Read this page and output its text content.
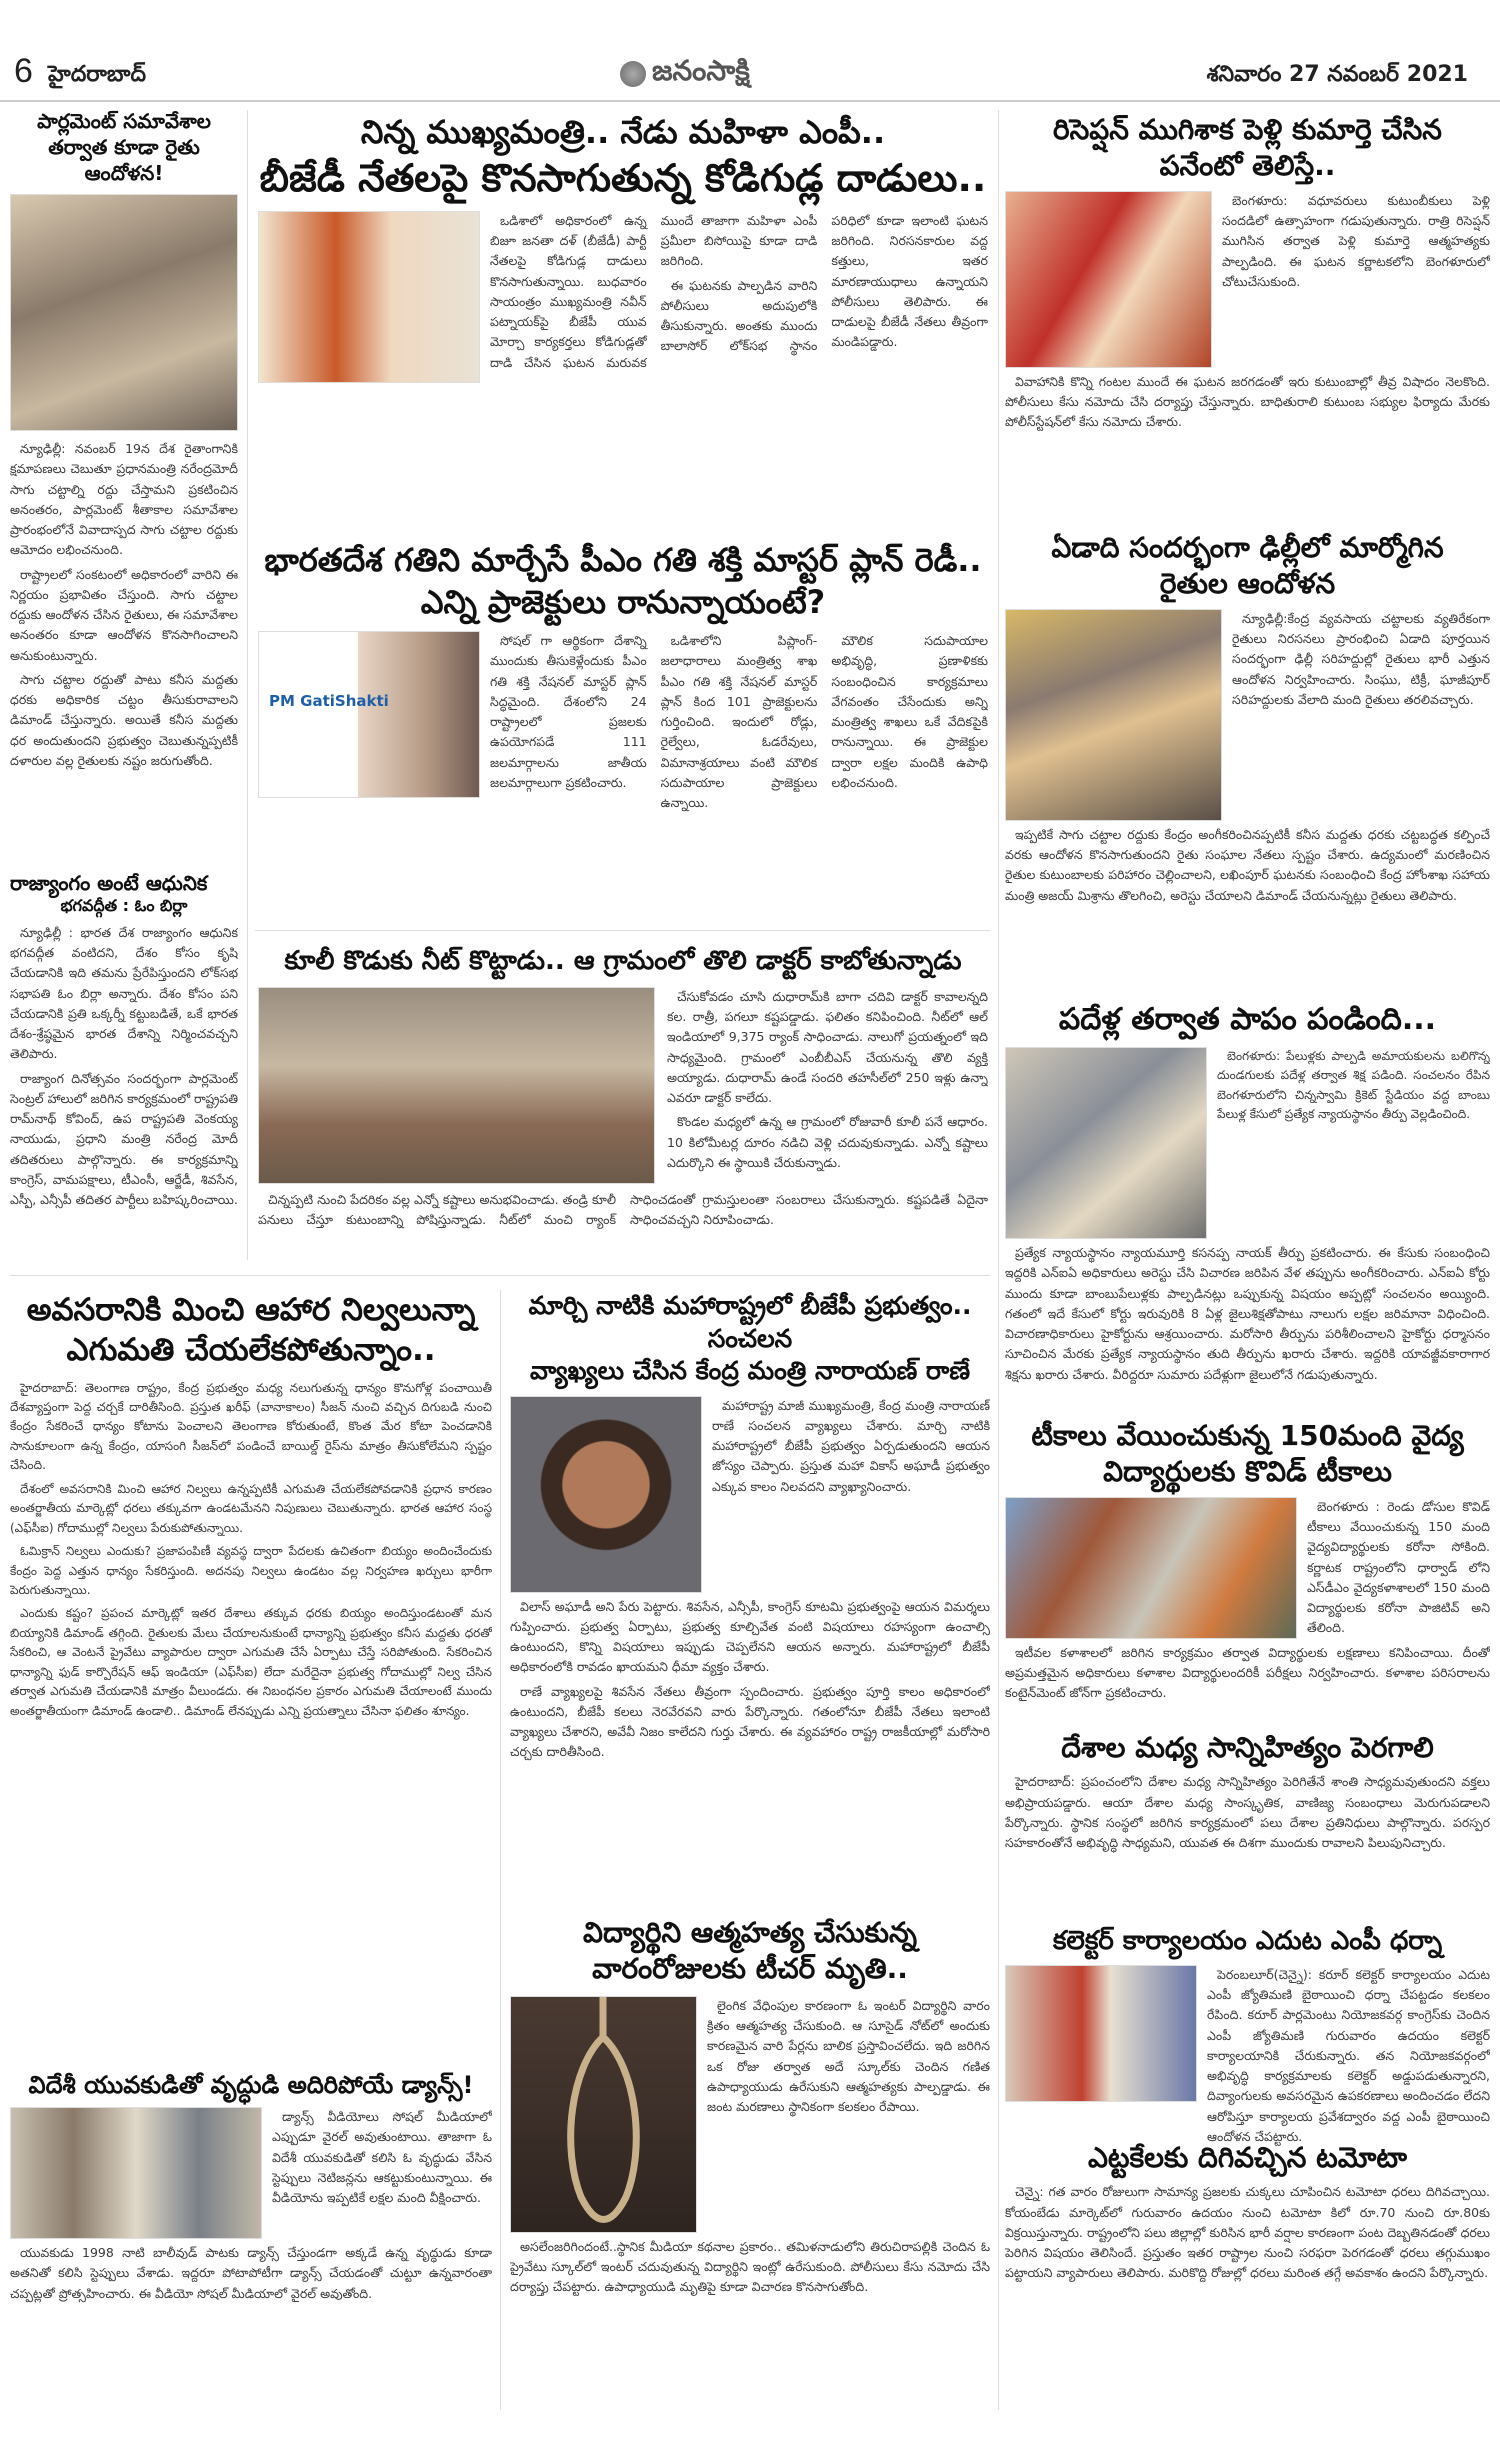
6 హైదరాబాద్	జనంసాక్షి	శనివారం 27 నవంబర్ 2021
పార్లమెంట్ సమావేశాల తర్వాత కూడా రైతు ఆందోళన!

న్యూఢిల్లీ: నవంబర్ 19న దేశ రైతాంగానికి క్షమాపణలు చెబుతూ ప్రధానమంత్రి నరేంద్రమోదీ సాగు చట్టాల్ని రద్దు చేస్తామని ప్రకటించిన అనంతరం, పార్లమెంట్ శీతాకాల సమావేశాల ప్రారంభంలోనే వివాదాస్పద సాగు చట్టాల రద్దుకు ఆమోదం లభించనుంది.

రాష్ట్రాలలో సంకటంలో అధికారంలో వారిని ఈ నిర్ణయం ప్రభావితం చేస్తుంది. సాగు చట్టాల రద్దుకు ఆందోళన చేసిన రైతులు, ఈ సమావేశాల అనంతరం కూడా ఆందోళన కొనసాగించాలని అనుకుంటున్నారు.

సాగు చట్టాల రద్దుతో పాటు కనీస మద్దతు ధరకు అధికారిక చట్టం తీసుకురావాలని డిమాండ్ చేస్తున్నారు. అయితే కనీస మద్దతు ధర అందుతుందని ప్రభుత్వం చెబుతున్నప్పటికీ దళారుల వల్ల రైతులకు నష్టం జరుగుతోంది.

రాజ్యాంగం అంటే ఆధునిక
భగవద్గీత : ఓం బిర్లా

న్యూఢిల్లీ : భారత దేశ రాజ్యాంగం ఆధునిక భగవద్గీత వంటిదని, దేశం కోసం కృషి చేయడానికి ఇది తమను ప్రేరేపిస్తుందని లోక్‌సభ సభాపతి ఓం బిర్లా అన్నారు. దేశం కోసం పని చేయడానికి ప్రతి ఒక్కర్నీ కట్టుబడితే, ఒకే భారత దేశం-శ్రేష్ఠమైన భారత దేశాన్ని నిర్మించవచ్చని తెలిపారు.

రాజ్యాంగ దినోత్సవం సందర్భంగా పార్లమెంట్ సెంట్రల్ హాలులో జరిగిన కార్యక్రమంలో రాష్ట్రపతి రామ్‌నాథ్ కోవింద్, ఉప రాష్ట్రపతి వెంకయ్య నాయుడు, ప్రధాని మంత్రి నరేంద్ర మోదీ తదితరులు పాల్గొన్నారు. ఈ కార్యక్రమాన్ని కాంగ్రెస్, వామపక్షాలు, టీఎంసీ, ఆర్జేడీ, శివసేన, ఎస్పీ, ఎన్సీపీ తదితర పార్టీలు బహిష్కరించాయి.

నిన్న ముఖ్యమంత్రి.. నేడు మహిళా ఎంపీ..
బీజేడీ నేతలపై కొనసాగుతున్న కోడిగుడ్ల దాడులు..

ఒడిశాలో అధికారంలో ఉన్న బిజూ జనతా దళ్ (బీజేడీ) పార్టీ నేతలపై కోడిగుడ్ల దాడులు కొనసాగుతున్నాయి. బుధవారం సాయంత్రం ముఖ్యమంత్రి నవీన్ పట్నాయక్‌పై బీజేపీ యువ మోర్చా కార్యకర్తలు కోడిగుడ్లతో దాడి చేసిన ఘటన మరువక ముందే తాజాగా మహిళా ఎంపీ ప్రమీలా బిసోయిపై కూడా దాడి జరిగింది.

ఈ ఘటనకు పాల్పడిన వారిని పోలీసులు అదుపులోకి తీసుకున్నారు. అంతకు ముందు బాలాసోర్ లోక్‌సభ స్థానం పరిధిలో కూడా ఇలాంటి ఘటన జరిగింది. నిరసనకారుల వద్ద కత్తులు, ఇతర మారణాయుధాలు ఉన్నాయని పోలీసులు తెలిపారు. ఈ దాడులపై బీజేడీ నేతలు తీవ్రంగా మండిపడ్డారు.

భారతదేశ గతిని మార్చేసే పీఎం గతి శక్తి మాస్టర్ ప్లాన్ రెడీ..
ఎన్ని ప్రాజెక్టులు రానున్నాయంటే?
PM GatiShakti

సోషల్ గా ఆర్థికంగా దేశాన్ని ముందుకు తీసుకెళ్లేందుకు పీఎం గతి శక్తి నేషనల్ మాస్టర్ ప్లాన్ సిద్ధమైంది. దేశంలోని 24 రాష్ట్రాలలో ప్రజలకు ఉపయోగపడే 111 జలమార్గాలను జాతీయ జలమార్గాలుగా ప్రకటించారు.

ఒడిశాలోని పిప్లాంగ్-జలాధారాలు మంత్రిత్వ శాఖ పీఎం గతి శక్తి నేషనల్ మాస్టర్ ప్లాన్ కింద 101 ప్రాజెక్టులను గుర్తించింది. ఇందులో రోడ్లు, రైల్వేలు, ఓడరేవులు, విమానాశ్రయాలు వంటి మౌలిక సదుపాయాల ప్రాజెక్టులు ఉన్నాయి.

మౌలిక సదుపాయాల అభివృద్ధి, ప్రణాళికకు సంబంధించిన కార్యక్రమాలు వేగవంతం చేసేందుకు అన్ని మంత్రిత్వ శాఖలు ఒకే వేదికపైకి రానున్నాయి. ఈ ప్రాజెక్టుల ద్వారా లక్షల మందికి ఉపాధి లభించనుంది.

కూలీ కొడుకు నీట్ కొట్టాడు.. ఆ గ్రామంలో తొలి డాక్టర్ కాబోతున్నాడు

చేసుకోవడం చూసి దుధారామ్‌కి బాగా చదివి డాక్టర్ కావాలన్నది కల. రాత్రీ, పగలూ కష్టపడ్డాడు. ఫలితం కనిపించింది. నీట్‌లో ఆల్ ఇండియాలో 9,375 ర్యాంక్ సాధించాడు. నాలుగో ప్రయత్నంలో ఇది సాధ్యమైంది. గ్రామంలో ఎంబీబీఎస్ చేయనున్న తొలి వ్యక్తి అయ్యాడు. దుధారామ్ ఉండే సందరి తహసీల్‌లో 250 ఇళ్లు ఉన్నా ఎవరూ డాక్టర్ కాలేదు.

కొండల మధ్యలో ఉన్న ఆ గ్రామంలో రోజువారీ కూలీ పనే ఆధారం. 10 కిలోమీటర్ల దూరం నడిచి వెళ్లి చదువుకున్నాడు. ఎన్నో కష్టాలు ఎదుర్కొని ఈ స్థాయికి చేరుకున్నాడు.

చిన్నప్పటి నుంచి పేదరికం వల్ల ఎన్నో కష్టాలు అనుభవించాడు. తండ్రి కూలీ పనులు చేస్తూ కుటుంబాన్ని పోషిస్తున్నాడు. నీట్‌లో మంచి ర్యాంక్ సాధించడంతో గ్రామస్తులంతా సంబరాలు చేసుకున్నారు. కష్టపడితే ఏదైనా సాధించవచ్చని నిరూపించాడు.

రిసెప్షన్ ముగిశాక పెళ్లి కుమార్తె చేసిన
పనేంటో తెలిస్తే..

బెంగళూరు: వధూవరులు కుటుంబీకులు పెళ్లి సందడిలో ఉత్సాహంగా గడుపుతున్నారు. రాత్రి రిసెప్షన్ ముగిసిన తర్వాత పెళ్లి కుమార్తె ఆత్మహత్యకు పాల్పడింది. ఈ ఘటన కర్ణాటకలోని బెంగళూరులో చోటుచేసుకుంది.

వివాహానికి కొన్ని గంటల ముందే ఈ ఘటన జరగడంతో ఇరు కుటుంబాల్లో తీవ్ర విషాదం నెలకొంది. పోలీసులు కేసు నమోదు చేసి దర్యాప్తు చేస్తున్నారు. బాధితురాలి కుటుంబ సభ్యుల ఫిర్యాదు మేరకు పోలీస్‌స్టేషన్‌లో కేసు నమోదు చేశారు.

ఏడాది సందర్భంగా ఢిల్లీలో మార్మోగిన
రైతుల ఆందోళన

న్యూఢిల్లీ:కేంద్ర వ్యవసాయ చట్టాలకు వ్యతిరేకంగా రైతులు నిరసనలు ప్రారంభించి ఏడాది పూర్తయిన సందర్భంగా ఢిల్లీ సరిహద్దుల్లో రైతులు భారీ ఎత్తున ఆందోళన నిర్వహించారు. సింఘు, టిక్రీ, ఘాజీపూర్ సరిహద్దులకు వేలాది మంది రైతులు తరలివచ్చారు.

ఇప్పటికే సాగు చట్టాల రద్దుకు కేంద్రం అంగీకరించినప్పటికీ కనీస మద్దతు ధరకు చట్టబద్ధత కల్పించే వరకు ఆందోళన కొనసాగుతుందని రైతు సంఘాల నేతలు స్పష్టం చేశారు. ఉద్యమంలో మరణించిన రైతుల కుటుంబాలకు పరిహారం చెల్లించాలని, లఖింపూర్ ఘటనకు సంబంధించి కేంద్ర హోంశాఖ సహాయ మంత్రి అజయ్ మిశ్రాను తొలగించి, అరెస్టు చేయాలని డిమాండ్ చేయనున్నట్లు రైతులు తెలిపారు.

పదేళ్ల తర్వాత పాపం పండింది...

బెంగళూరు: పేలుళ్లకు పాల్పడి అమాయకులను బలిగొన్న దుండగులకు పదేళ్ల తర్వాత శిక్ష పడింది. సంచలనం రేపిన బెంగళూరులోని చిన్నస్వామి క్రికెట్ స్టేడియం వద్ద బాంబు పేలుళ్ల కేసులో ప్రత్యేక న్యాయస్థానం తీర్పు వెల్లడించింది.

ప్రత్యేక న్యాయస్థానం న్యాయమూర్తి కసనప్ప నాయక్ తీర్పు ప్రకటించారు. ఈ కేసుకు సంబంధించి ఇద్దరికి ఎన్ఐఏ అధికారులు అరెస్టు చేసి విచారణ జరిపిన వేళ తప్పును అంగీకరించారు. ఎన్ఐఏ కోర్టు ముందు కూడా బాంబుపేలుళ్లకు పాల్పడినట్లు ఒప్పుకున్న విషయం అప్పట్లో సంచలనం అయ్యింది. గతంలో ఇదే కేసులో కోర్టు ఇరువురికి 8 ఏళ్ల జైలుశిక్షతోపాటు నాలుగు లక్షల జరిమానా విధించింది. విచారణాధికారులు హైకోర్టును ఆశ్రయించారు. మరోసారి తీర్పును పరిశీలించాలని హైకోర్టు ధర్మాసనం సూచించిన మేరకు ప్రత్యేక న్యాయస్థానం తుది తీర్పును ఖరారు చేశారు. ఇద్దరికి యావజ్జీవకారాగార శిక్షను ఖరారు చేశారు. వీరిద్దరూ సుమారు పదేళ్లుగా జైలులోనే గడుపుతున్నారు.

టీకాలు వేయించుకున్న 150మంది వైద్య
విద్యార్థులకు కొవిడ్ టీకాలు

బెంగళూరు : రెండు డోసుల కొవిడ్ టీకాలు వేయించుకున్న 150 మంది వైద్యవిద్యార్థులకు కరోనా సోకింది. కర్ణాటక రాష్ట్రంలోని ధార్వాడ్ లోని ఎస్‌డీఎం వైద్యకళాశాలలో 150 మంది విద్యార్థులకు కరోనా పాజిటివ్ అని తేలింది.

ఇటీవల కళాశాలలో జరిగిన కార్యక్రమం తర్వాత విద్యార్థులకు లక్షణాలు కనిపించాయి. దీంతో అప్రమత్తమైన అధికారులు కళాశాల విద్యార్థులందరికీ పరీక్షలు నిర్వహించారు. కళాశాల పరిసరాలను కంటైన్‌మెంట్ జోన్‌గా ప్రకటించారు.

దేశాల మధ్య సాన్నిహిత్యం పెరగాలి

హైదరాబాద్: ప్రపంచంలోని దేశాల మధ్య సాన్నిహిత్యం పెరిగితేనే శాంతి సాధ్యమవుతుందని వక్తలు అభిప్రాయపడ్డారు. ఆయా దేశాల మధ్య సాంస్కృతిక, వాణిజ్య సంబంధాలు మెరుగుపడాలని పేర్కొన్నారు. స్థానిక సంస్థలో జరిగిన కార్యక్రమంలో పలు దేశాల ప్రతినిధులు పాల్గొన్నారు. పరస్పర సహకారంతోనే అభివృద్ధి సాధ్యమని, యువత ఈ దిశగా ముందుకు రావాలని పిలుపునిచ్చారు.

కలెక్టర్ కార్యాలయం ఎదుట ఎంపీ ధర్నా

పెరంబలూర్(చెన్నై): కరూర్ కలెక్టర్ కార్యాలయం ఎదుట ఎంపీ జ్యోతిమణి బైఠాయించి ధర్నా చేపట్టడం కలకలం రేపింది. కరూర్ పార్లమెంటు నియోజకవర్గ కాంగ్రెస్‌కు చెందిన ఎంపీ జ్యోతిమణి గురువారం ఉదయం కలెక్టర్ కార్యాలయానికి చేరుకున్నారు. తన నియోజకవర్గంలో అభివృద్ధి కార్యక్రమాలకు కలెక్టర్ అడ్డుపడుతున్నారని, దివ్యాంగులకు అవసరమైన ఉపకరణాలు అందించడం లేదని ఆరోపిస్తూ కార్యాలయ ప్రవేశద్వారం వద్ద ఎంపీ బైఠాయించి ఆందోళన చేపట్టారు.

ఎట్టకేలకు దిగివచ్చిన టమోటా

చెన్నై: గత వారం రోజులుగా సామాన్య ప్రజలకు చుక్కలు చూపించిన టమోటా ధరలు దిగివచ్చాయి. కోయంబేడు మార్కెట్‌లో గురువారం ఉదయం నుంచి టమోటా కిలో రూ.70 నుంచి రూ.80కు విక్రయిస్తున్నారు. రాష్ట్రంలోని పలు జిల్లాల్లో కురిసిన భారీ వర్షాల కారణంగా పంట దెబ్బతినడంతో ధరలు పెరిగిన విషయం తెలిసిందే. ప్రస్తుతం ఇతర రాష్ట్రాల నుంచి సరఫరా పెరగడంతో ధరలు తగ్గుముఖం పట్టాయని వ్యాపారులు తెలిపారు. మరికొద్ది రోజుల్లో ధరలు మరింత తగ్గే అవకాశం ఉందని పేర్కొన్నారు.

అవసరానికి మించి ఆహార నిల్వలున్నా
ఎగుమతి చేయలేకపోతున్నాం..

హైదరాబాద్: తెలంగాణ రాష్ట్రం, కేంద్ర ప్రభుత్వం మధ్య నలుగుతున్న ధాన్యం కొనుగోళ్ల పంచాయితీ దేశవ్యాప్తంగా పెద్ద చర్చకే దారితీసింది. ప్రస్తుత ఖరీఫ్ (వానాకాలం) సీజన్ నుంచి వచ్చిన దిగుబడి నుంచి కేంద్రం సేకరించే ధాన్యం కోటాను పెంచాలని తెలంగాణ కోరుతుంటే, కొంత మేర కోటా పెంచడానికి సానుకూలంగా ఉన్న కేంద్రం, యాసంగి సీజన్‌లో పండించే బాయిల్డ్ రైస్‌ను మాత్రం తీసుకోలేమని స్పష్టం చేసింది.

దేశంలో అవసరానికి మించి ఆహార నిల్వలు ఉన్నప్పటికీ ఎగుమతి చేయలేకపోవడానికి ప్రధాన కారణం అంతర్జాతీయ మార్కెట్లో ధరలు తక్కువగా ఉండటమేనని నిపుణులు చెబుతున్నారు. భారత ఆహార సంస్థ (ఎఫ్‌సీఐ) గోదాముల్లో నిల్వలు పేరుకుపోతున్నాయి.

ఓమిక్రాన్ నిల్వలు ఎందుకు? ప్రజాపంపిణీ వ్యవస్థ ద్వారా పేదలకు ఉచితంగా బియ్యం అందించేందుకు కేంద్రం పెద్ద ఎత్తున ధాన్యం సేకరిస్తుంది. అదనపు నిల్వలు ఉండటం వల్ల నిర్వహణ ఖర్చులు భారీగా పెరుగుతున్నాయి.

ఎందుకు కష్టం? ప్రపంచ మార్కెట్లో ఇతర దేశాలు తక్కువ ధరకు బియ్యం అందిస్తుండటంతో మన బియ్యానికి డిమాండ్ తగ్గింది. రైతులకు మేలు చేయాలనుకుంటే ధాన్యాన్ని ప్రభుత్వం కనీస మద్దతు ధరతో సేకరించి, ఆ వెంటనే ప్రైవేటు వ్యాపారుల ద్వారా ఎగుమతి చేసే ఏర్పాటు చేస్తే సరిపోతుంది. సేకరించిన ధాన్యాన్ని ఫుడ్ కార్పొరేషన్ ఆఫ్ ఇండియా (ఎఫ్‌సీఐ) లేదా మరేదైనా ప్రభుత్వ గోదాముల్లో నిల్వ చేసిన తర్వాత ఎగుమతి చేయడానికి మాత్రం వీలుండదు. ఈ నిబంధనల ప్రకారం ఎగుమతి చేయాలంటే ముందు అంతర్జాతీయంగా డిమాండ్ ఉండాలి.. డిమాండ్ లేనప్పుడు ఎన్ని ప్రయత్నాలు చేసినా ఫలితం శూన్యం.

విదేశీ యువకుడితో వృద్ధుడి అదిరిపోయే డ్యాన్స్!

డ్యాన్స్ వీడియోలు సోషల్ మీడియాలో ఎప్పుడూ వైరల్ అవుతుంటాయి. తాజాగా ఓ విదేశీ యువకుడితో కలిసి ఓ వృద్ధుడు వేసిన స్టెప్పులు నెటిజన్లను ఆకట్టుకుంటున్నాయి. ఈ వీడియోను ఇప్పటికే లక్షల మంది వీక్షించారు.

యువకుడు 1998 నాటి బాలీవుడ్ పాటకు డ్యాన్స్ చేస్తుండగా అక్కడే ఉన్న వృద్ధుడు కూడా అతనితో కలిసి స్టెప్పులు వేశాడు. ఇద్దరూ పోటాపోటీగా డ్యాన్స్ చేయడంతో చుట్టూ ఉన్నవారంతా చప్పట్లతో ప్రోత్సహించారు. ఈ వీడియో సోషల్ మీడియాలో వైరల్ అవుతోంది.

మార్చి నాటికి మహారాష్ట్రలో బీజేపీ ప్రభుత్వం.. సంచలన
వ్యాఖ్యలు చేసిన కేంద్ర మంత్రి నారాయణ్ రాణే

మహారాష్ట్ర మాజీ ముఖ్యమంత్రి, కేంద్ర మంత్రి నారాయణ్ రాణే సంచలన వ్యాఖ్యలు చేశారు. మార్చి నాటికి మహారాష్ట్రలో బీజేపీ ప్రభుత్వం ఏర్పడుతుందని ఆయన జోస్యం చెప్పారు. ప్రస్తుత మహా వికాస్ అఘాడీ ప్రభుత్వం ఎక్కువ కాలం నిలవదని వ్యాఖ్యానించారు.

విలాస్ అఘాడీ అని పేరు పెట్టారు. శివసేన, ఎన్సీపీ, కాంగ్రెస్ కూటమి ప్రభుత్వంపై ఆయన విమర్శలు గుప్పించారు. ప్రభుత్వ ఏర్పాటు, ప్రభుత్వ కూల్చివేత వంటి విషయాలు రహస్యంగా ఉంచాల్సి ఉంటుందని, కొన్ని విషయాలు ఇప్పుడు చెప్పలేనని ఆయన అన్నారు. మహారాష్ట్రలో బీజేపీ అధికారంలోకి రావడం ఖాయమని ధీమా వ్యక్తం చేశారు.

రాణే వ్యాఖ్యలపై శివసేన నేతలు తీవ్రంగా స్పందించారు. ప్రభుత్వం పూర్తి కాలం అధికారంలో ఉంటుందని, బీజేపీ కలలు నెరవేరవని వారు పేర్కొన్నారు. గతంలోనూ బీజేపీ నేతలు ఇలాంటి వ్యాఖ్యలు చేశారని, అవేవీ నిజం కాలేదని గుర్తు చేశారు. ఈ వ్యవహారం రాష్ట్ర రాజకీయాల్లో మరోసారి చర్చకు దారితీసింది.

విద్యార్థిని ఆత్మహత్య చేసుకున్న
వారంరోజులకు టీచర్ మృతి..

లైంగిక వేధింపుల కారణంగా ఓ ఇంటర్ విద్యార్థిని వారం క్రితం ఆత్మహత్య చేసుకుంది. ఆ సూసైడ్ నోట్‌లో అందుకు కారణమైన వారి పేర్లను బాలిక ప్రస్తావించలేదు. ఇది జరిగిన ఒక రోజు తర్వాత అదే స్కూల్‌కు చెందిన గణిత ఉపాధ్యాయుడు ఉరేసుకుని ఆత్మహత్యకు పాల్పడ్డాడు. ఈ జంట మరణాలు స్థానికంగా కలకలం రేపాయి.

అసలేంజరిగిందంటే..స్థానిక మీడియా కథనాల ప్రకారం.. తమిళనాడులోని తిరుచిరాపల్లికి చెందిన ఓ ప్రైవేటు స్కూల్‌లో ఇంటర్ చదువుతున్న విద్యార్థిని ఇంట్లో ఉరేసుకుంది. పోలీసులు కేసు నమోదు చేసి దర్యాప్తు చేపట్టారు. ఉపాధ్యాయుడి మృతిపై కూడా విచారణ కొనసాగుతోంది.
